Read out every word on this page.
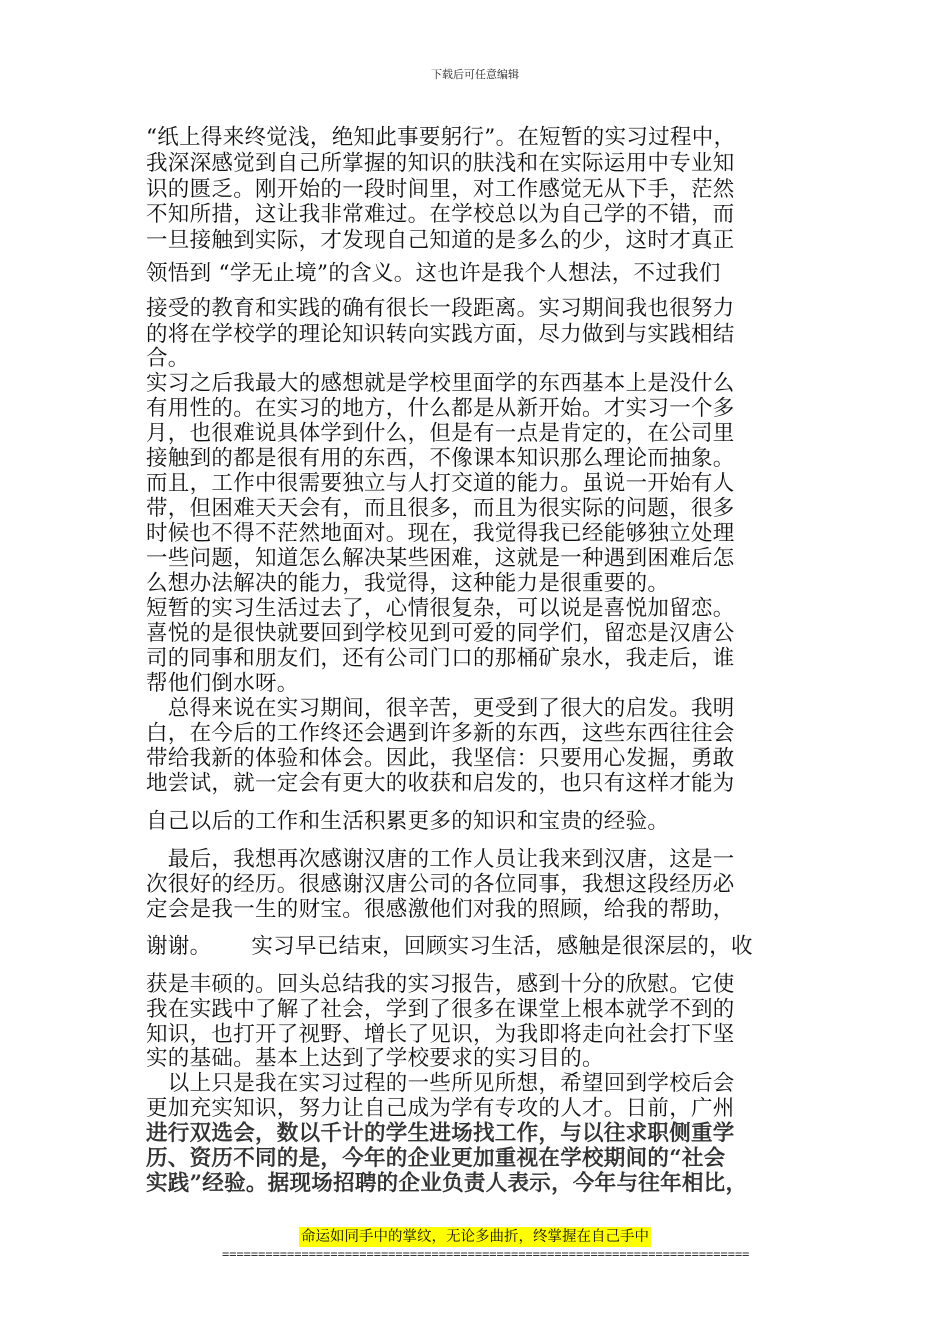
下载后可任意编辑
“纸上得来终觉浅，绝知此事要躬行”。在短暂的实习过程中，
我深深感觉到自己所掌握的知识的肤浅和在实际运用中专业知
识的匮乏。刚开始的一段时间里，对工作感觉无从下手，茫然
不知所措，这让我非常难过。在学校总以为自己学的不错，而
一旦接触到实际，才发现自己知道的是多么的少，这时才真正
领悟到 “学无止境”的含义。这也许是我个人想法，不过我们
接受的教育和实践的确有很长一段距离。实习期间我也很努力
的将在学校学的理论知识转向实践方面，尽力做到与实践相结
合。
实习之后我最大的感想就是学校里面学的东西基本上是没什么
有用性的。在实习的地方，什么都是从新开始。才实习一个多
月，也很难说具体学到什么，但是有一点是肯定的，在公司里
接触到的都是很有用的东西，不像课本知识那么理论而抽象。
而且，工作中很需要独立与人打交道的能力。虽说一开始有人
带，但困难天天会有，而且很多，而且为很实际的问题，很多
时候也不得不茫然地面对。现在，我觉得我已经能够独立处理
一些问题，知道怎么解决某些困难，这就是一种遇到困难后怎
么想办法解决的能力，我觉得，这种能力是很重要的。
短暂的实习生活过去了，心情很复杂，可以说是喜悦加留恋。
喜悦的是很快就要回到学校见到可爱的同学们，留恋是汉唐公
司的同事和朋友们，还有公司门口的那桶矿泉水，我走后，谁
帮他们倒水呀。
　总得来说在实习期间，很辛苦，更受到了很大的启发。我明
白，在今后的工作终还会遇到许多新的东西，这些东西往往会
带给我新的体验和体会。因此，我坚信：只要用心发掘，勇敢
地尝试，就一定会有更大的收获和启发的，也只有这样才能为
自己以后的工作和生活积累更多的知识和宝贵的经验。
　最后，我想再次感谢汉唐的工作人员让我来到汉唐，这是一
次很好的经历。很感谢汉唐公司的各位同事，我想这段经历必
定会是我一生的财宝。很感激他们对我的照顾，给我的帮助，
谢谢。　　 实习早已结束，回顾实习生活，感触是很深层的，收
获是丰硕的。回头总结我的实习报告，感到十分的欣慰。它使
我在实践中了解了社会，学到了很多在课堂上根本就学不到的
知识，也打开了视野、增长了见识，为我即将走向社会打下坚
实的基础。基本上达到了学校要求的实习目的。
　以上只是我在实习过程的一些所见所想，希望回到学校后会
更加充实知识，努力让自己成为学有专攻的人才。日前，广州
进行双选会，数以千计的学生进场找工作，与以往求职侧重学
历、资历不同的是，今年的企业更加重视在学校期间的“社会
实践”经验。据现场招聘的企业负责人表示，今年与往年相比，
命运如同手中的掌纹，无论多曲折，终掌握在自己手中
=========================================================================
